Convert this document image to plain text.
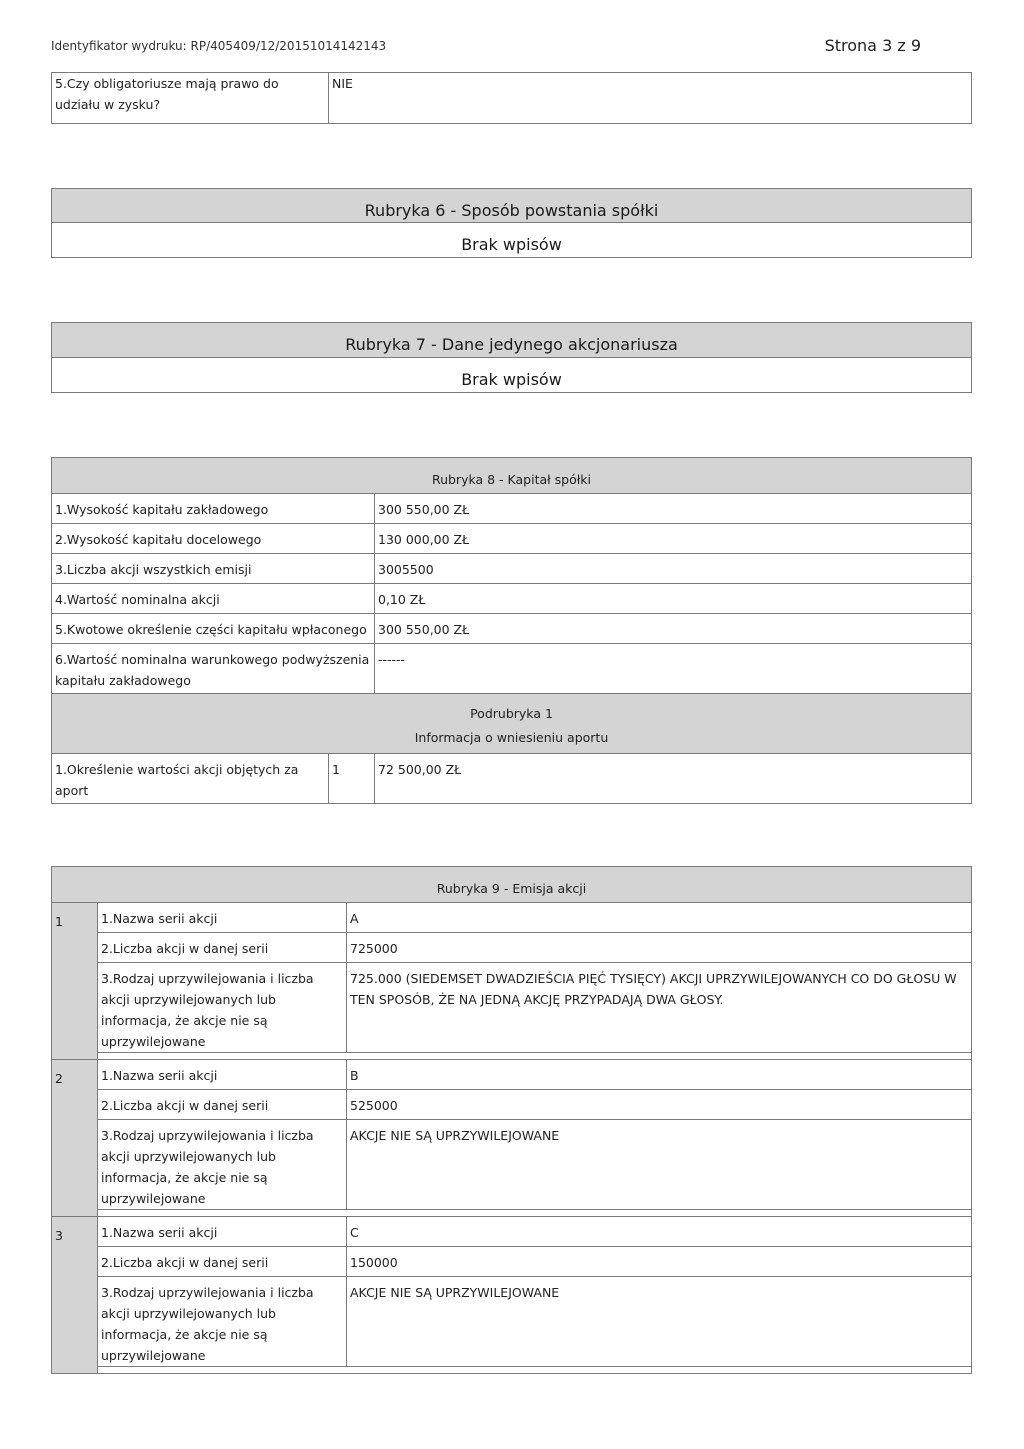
Identyfikator wydruku: RP/405409/12/20151014142143	Strona 3 z 9
5.Czy obligatoriusze mają prawo do udziału w zysku?	NIE
Rubryka 6 - Sposób powstania spółki
Brak wpisów
Rubryka 7 - Dane jedynego akcjonariusza
Brak wpisów
Rubryka 8 - Kapitał spółki		
1.Wysokość kapitału zakładowego		300 550,00 ZŁ
2.Wysokość kapitału docelowego		130 000,00 ZŁ
3.Liczba akcji wszystkich emisji		3005500
4.Wartość nominalna akcji		0,10 ZŁ
5.Kwotowe określenie części kapitału wpłaconego		300 550,00 ZŁ
6.Wartość nominalna warunkowego podwyższenia kapitału zakładowego		------

Podrubryka 1
Informacja o wniesieniu aportu		

1.Określenie wartości akcji objętych za aport	1	72 500,00 ZŁ
Rubryka 9 - Emisja akcji		
1	1.Nazwa serii akcji	A
	2.Liczba akcji w danej serii	725000
	3.Rodzaj uprzywilejowania i liczba akcji uprzywilejowanych lub informacja, że akcje nie są uprzywilejowane	725.000 (SIEDEMSET DWADZIEŚCIA PIĘĆ TYSIĘCY) AKCJI UPRZYWILEJOWANYCH CO DO GŁOSU W TEN SPOSÓB, ŻE NA JEDNĄ AKCJĘ PRZYPADAJĄ DWA GŁOSY.

2	1.Nazwa serii akcji	B
	2.Liczba akcji w danej serii	525000
	3.Rodzaj uprzywilejowania i liczba akcji uprzywilejowanych lub informacja, że akcje nie są uprzywilejowane	AKCJE NIE SĄ UPRZYWILEJOWANE

3	1.Nazwa serii akcji	C
	2.Liczba akcji w danej serii	150000
	3.Rodzaj uprzywilejowania i liczba akcji uprzywilejowanych lub informacja, że akcje nie są uprzywilejowane	AKCJE NIE SĄ UPRZYWILEJOWANE
